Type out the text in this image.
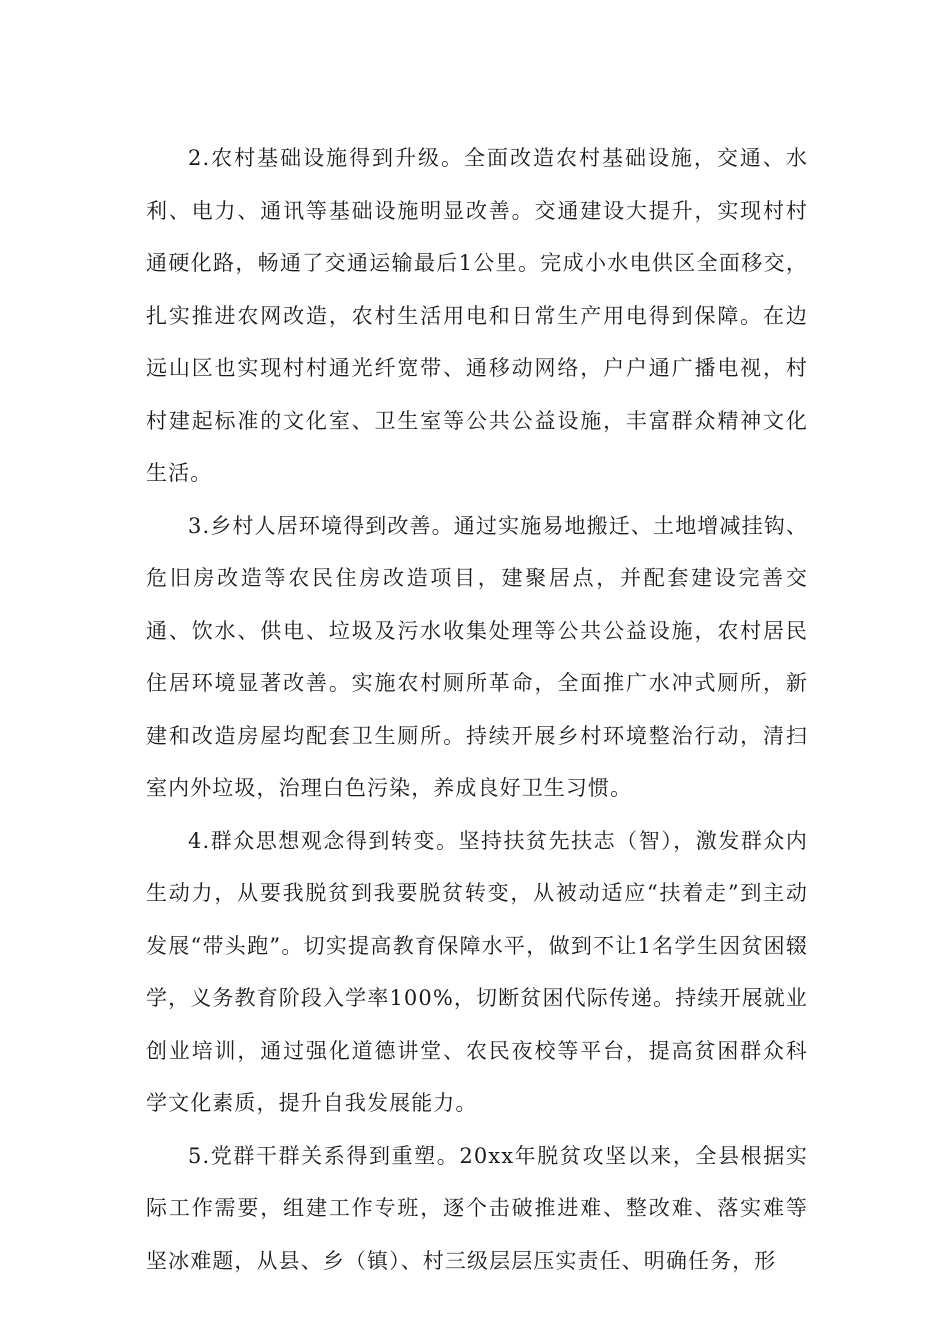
2.农村基础设施得到升级。全面改造农村基础设施，交通、水利、电力、通讯等基础设施明显改善。交通建设大提升，实现村村通硬化路，畅通了交通运输最后1公里。完成小水电供区全面移交，扎实推进农网改造，农村生活用电和日常生产用电得到保障。在边远山区也实现村村通光纤宽带、通移动网络，户户通广播电视，村村建起标准的文化室、卫生室等公共公益设施，丰富群众精神文化生活。

3.乡村人居环境得到改善。通过实施易地搬迁、土地增减挂钩、危旧房改造等农民住房改造项目，建聚居点，并配套建设完善交通、饮水、供电、垃圾及污水收集处理等公共公益设施，农村居民住居环境显著改善。实施农村厕所革命，全面推广水冲式厕所，新建和改造房屋均配套卫生厕所。持续开展乡村环境整治行动，清扫室内外垃圾，治理白色污染，养成良好卫生习惯。

4.群众思想观念得到转变。坚持扶贫先扶志（智），激发群众内生动力，从要我脱贫到我要脱贫转变，从被动适应“扶着走”到主动发展“带头跑”。切实提高教育保障水平，做到不让1名学生因贫困辍学，义务教育阶段入学率100%，切断贫困代际传递。持续开展就业创业培训，通过强化道德讲堂、农民夜校等平台，提高贫困群众科学文化素质，提升自我发展能力。

5.党群干群关系得到重塑。20xx年脱贫攻坚以来，全县根据实际工作需要，组建工作专班，逐个击破推进难、整改难、落实难等坚冰难题，从县、乡（镇）、村三级层层压实责任、明确任务，形
